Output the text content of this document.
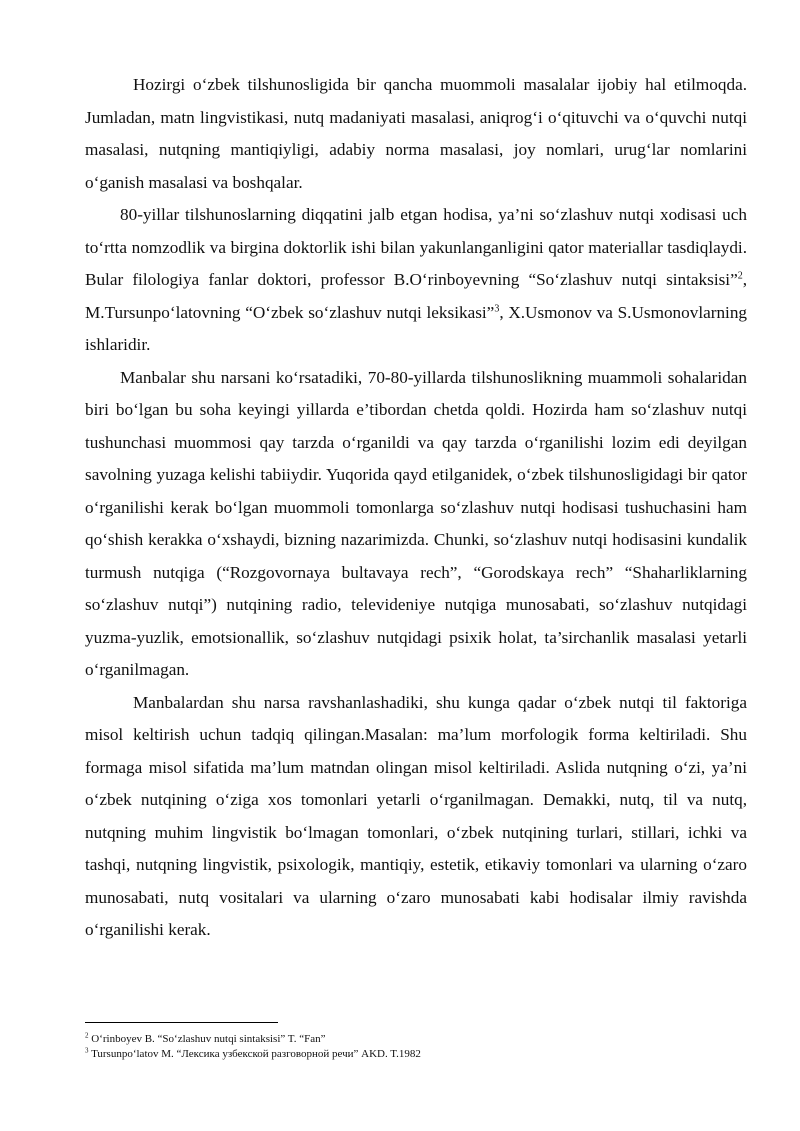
Hozirgi o‘zbek tilshunosligida bir qancha muommoli masalalar ijobiy hal etilmoqda. Jumladan, matn lingvistikasi, nutq madaniyati masalasi, aniqrog‘i o‘qituvchi va o‘quvchi nutqi masalasi, nutqning mantiqiyligi, adabiy norma masalasi, joy nomlari, urug‘lar nomlarini o‘ganish masalasi va boshqalar.

80-yillar tilshunoslarning diqqatini jalb etgan hodisa, ya’ni so‘zlashuv nutqi xodisasi uch to‘rtta nomzodlik va birgina doktorlik ishi bilan yakunlanganligini qator materiallar tasdiqlaydi. Bular filologiya fanlar doktori, professor B.O‘rinboyevning “So‘zlashuv nutqi sintaksisi”$^2$, M.Tursunpo‘latovning “O‘zbek so‘zlashuv nutqi leksikasi”$^3$, X.Usmonov va S.Usmonovlarning ishlaridir.

Manbalar shu narsani ko‘rsatadiki, 70-80-yillarda tilshunoslikning muammoli sohalaridan biri bo‘lgan bu soha keyingi yillarda e’tibordan chetda qoldi. Hozirda ham so‘zlashuv nutqi tushunchasi muommosi qay tarzda o‘rganildi va qay tarzda o‘rganilishi lozim edi deyilgan savolning yuzaga kelishi tabiiydir. Yuqorida qayd etilganidek, o‘zbek tilshunosligidagi bir qator o‘rganilishi kerak bo‘lgan muommoli tomonlarga so‘zlashuv nutqi hodisasi tushuchasini ham qo‘shish kerakka o‘xshaydi, bizning nazarimizda. Chunki, so‘zlashuv nutqi hodisasini kundalik turmush nutqiga (“Rozgovornaya bultavaya rech”, “Gorodskaya rech” “Shaharliklarning so‘zlashuv nutqi”) nutqining radio, televideniye nutqiga munosabati, so‘zlashuv nutqidagi yuzma-yuzlik, emotsionallik, so‘zlashuv nutqidagi psixik holat, ta’sirchanlik masalasi yetarli o‘rganilmagan.

Manbalardan shu narsa ravshanlashadiki, shu kunga qadar o‘zbek nutqi til faktoriga misol keltirish uchun tadqiq qilingan.Masalan: ma’lum morfologik forma keltiriladi. Shu formaga misol sifatida ma’lum matndan olingan misol keltiriladi. Aslida nutqning o‘zi, ya’ni o‘zbek nutqining o‘ziga xos tomonlari yetarli o‘rganilmagan. Demakki, nutq, til va nutq, nutqning muhim lingvistik bo‘lmagan tomonlari, o‘zbek nutqining turlari, stillari, ichki va tashqi, nutqning lingvistik, psixologik, mantiqiy, estetik, etikaviy tomonlari va ularning o‘zaro munosabati, nutq vositalari va ularning o‘zaro munosabati kabi hodisalar ilmiy ravishda o‘rganilishi kerak.

$^2$ O‘rinboyev B. “So‘zlashuv nutqi sintaksisi” T. “Fan”

$^3$ Tursunpo‘latov M. “Лексика узбекской разговорной речи” AKD. T.1982
